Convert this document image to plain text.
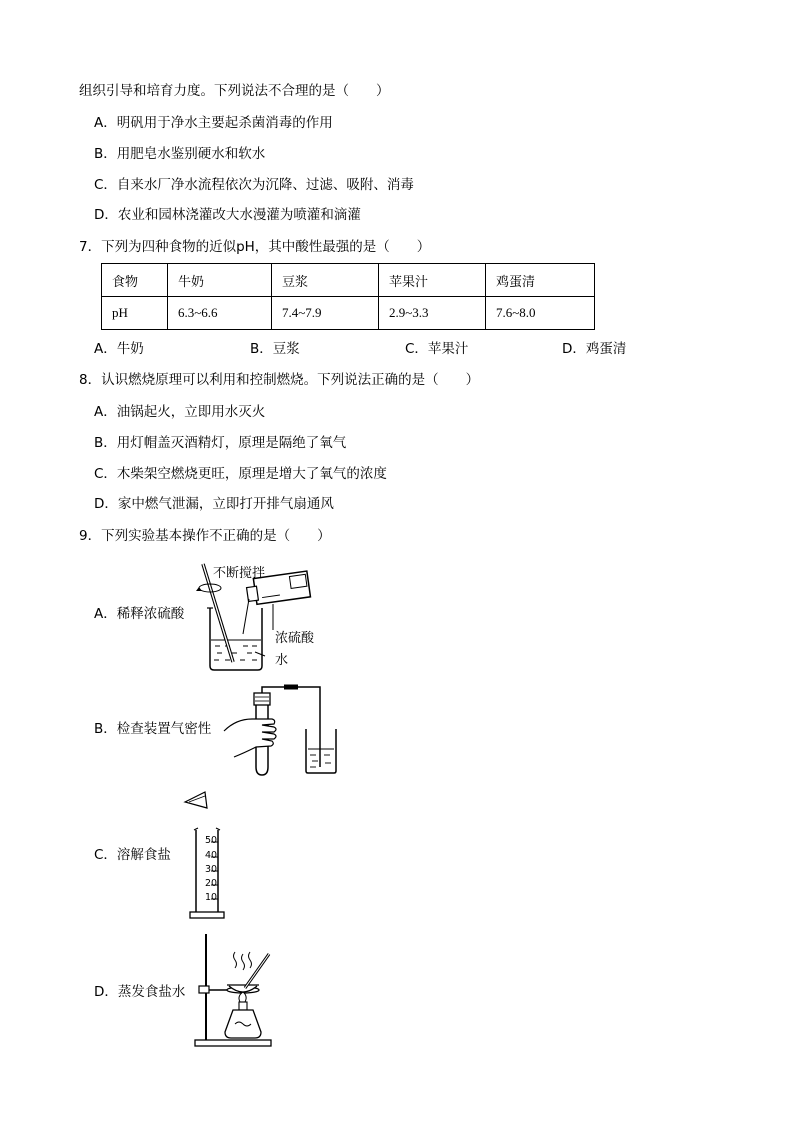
组织引导和培育力度。下列说法不合理的是（　　）
A．明矾用于净水主要起杀菌消毒的作用
B．用肥皂水鉴别硬水和软水
C．自来水厂净水流程依次为沉降、过滤、吸附、消毒
D．农业和园林浇灌改大水漫灌为喷灌和滴灌
7．下列为四种食物的近似pH，其中酸性最强的是（　　）
食物	牛奶	豆浆	苹果汁	鸡蛋清
pH	6.3~6.6	7.4~7.9	2.9~3.3	7.6~8.0
A．牛奶	B．豆浆	C．苹果汁	D．鸡蛋清
8．认识燃烧原理可以利用和控制燃烧。下列说法正确的是（　　）
A．油锅起火，立即用水灭火
B．用灯帽盖灭酒精灯，原理是隔绝了氧气
C．木柴架空燃烧更旺，原理是增大了氧气的浓度
D．家中燃气泄漏，立即打开排气扇通风
9．下列实验基本操作不正确的是（　　）
A．稀释浓硫酸
不断搅拌
浓硫酸
水
B．检查装置气密性
C．溶解食盐
50
40
30
20
10
D．蒸发食盐水
